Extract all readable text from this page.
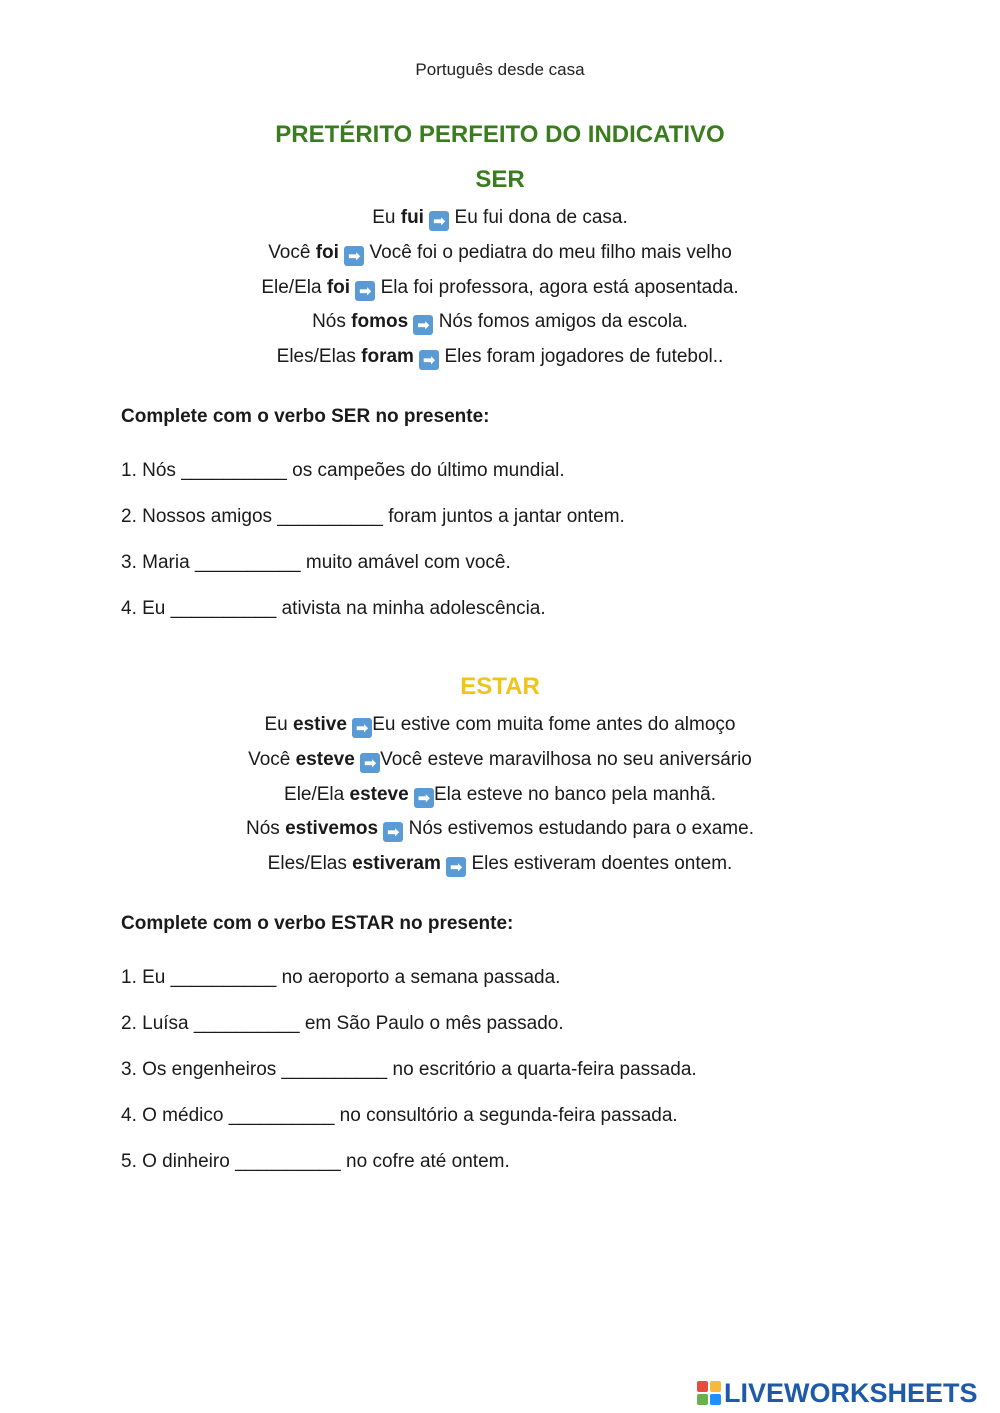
Português desde casa
PRETÉRITO PERFEITO DO INDICATIVO
SER
Eu fui ➡ Eu fui dona de casa.
Você foi ➡ Você foi o pediatra do meu filho mais velho
Ele/Ela foi ➡ Ela foi professora, agora está aposentada.
Nós fomos ➡ Nós fomos amigos da escola.
Eles/Elas foram ➡ Eles foram jogadores de futebol..
Complete com o verbo SER no presente:
1. Nós __________ os campeões do último mundial.
2. Nossos amigos __________ foram juntos a jantar ontem.
3. Maria __________ muito amável com você.
4. Eu __________ ativista na minha adolescência.
ESTAR
Eu estive ➡ Eu estive com muita fome antes do almoço
Você esteve ➡ Você esteve maravilhosa no seu aniversário
Ele/Ela esteve ➡ Ela esteve no banco pela manhã.
Nós estivemos ➡ Nós estivemos estudando para o exame.
Eles/Elas estiveram ➡ Eles estiveram doentes ontem.
Complete com o verbo ESTAR no presente:
1. Eu __________ no aeroporto a semana passada.
2. Luísa __________ em São Paulo o mês passado.
3. Os engenheiros __________ no escritório a quarta-feira passada.
4. O médico __________ no consultório a segunda-feira passada.
5. O dinheiro __________ no cofre até ontem.
LIVEWORKSHEETS
